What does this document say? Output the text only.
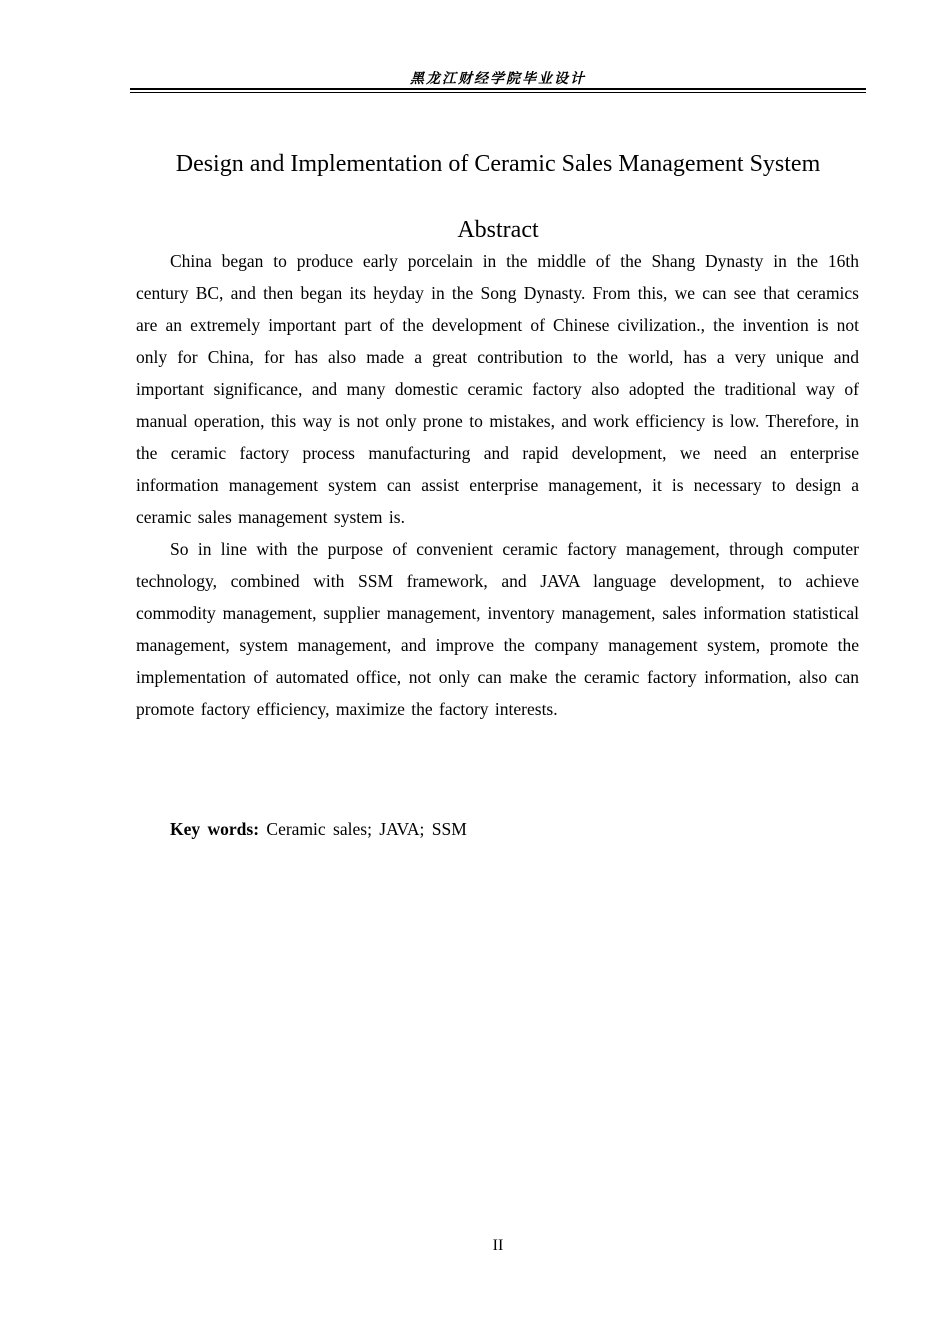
黑龙江财经学院毕业设计
Design and Implementation of Ceramic Sales Management System
Abstract

China began to produce early porcelain in the middle of the Shang Dynasty in the 16th century BC, and then began its heyday in the Song Dynasty. From this, we can see that ceramics are an extremely important part of the development of Chinese civilization., the invention is not only for China, for has also made a great contribution to the world, has a very unique and important significance, and many domestic ceramic factory also adopted the traditional way of manual operation, this way is not only prone to mistakes, and work efficiency is low. Therefore, in the ceramic factory process manufacturing and rapid development, we need an enterprise information management system can assist enterprise management, it is necessary to design a ceramic sales management system is.

So in line with the purpose of convenient ceramic factory management, through computer technology, combined with SSM framework, and JAVA language development, to achieve commodity management, supplier management, inventory management, sales information statistical management, system management, and improve the company management system, promote the implementation of automated office, not only can make the ceramic factory information, also can promote factory efficiency, maximize the factory interests.

Key words: Ceramic sales; JAVA; SSM
II
